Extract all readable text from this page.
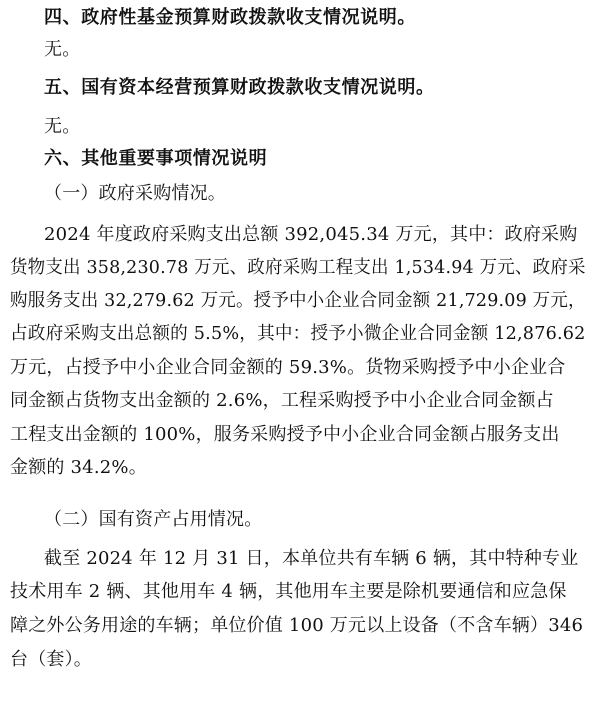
四、政府性基金预算财政拨款收支情况说明。
无。
五、国有资本经营预算财政拨款收支情况说明。
无。
六、其他重要事项情况说明
（一）政府采购情况。
2024 年度政府采购支出总额 392,045.34 万元，其中：政府采购
货物支出 358,230.78 万元、政府采购工程支出 1,534.94 万元、政府采
购服务支出 32,279.62 万元。授予中小企业合同金额 21,729.09 万元，
占政府采购支出总额的 5.5%，其中：授予小微企业合同金额 12,876.62
万元，占授予中小企业合同金额的 59.3%。货物采购授予中小企业合
同金额占货物支出金额的 2.6%，工程采购授予中小企业合同金额占
工程支出金额的 100%，服务采购授予中小企业合同金额占服务支出
金额的 34.2%。
（二）国有资产占用情况。
截至 2024 年 12 月 31 日，本单位共有车辆 6 辆，其中特种专业
技术用车 2 辆、其他用车 4 辆，其他用车主要是除机要通信和应急保
障之外公务用途的车辆；单位价值 100 万元以上设备（不含车辆）346
台（套）。
